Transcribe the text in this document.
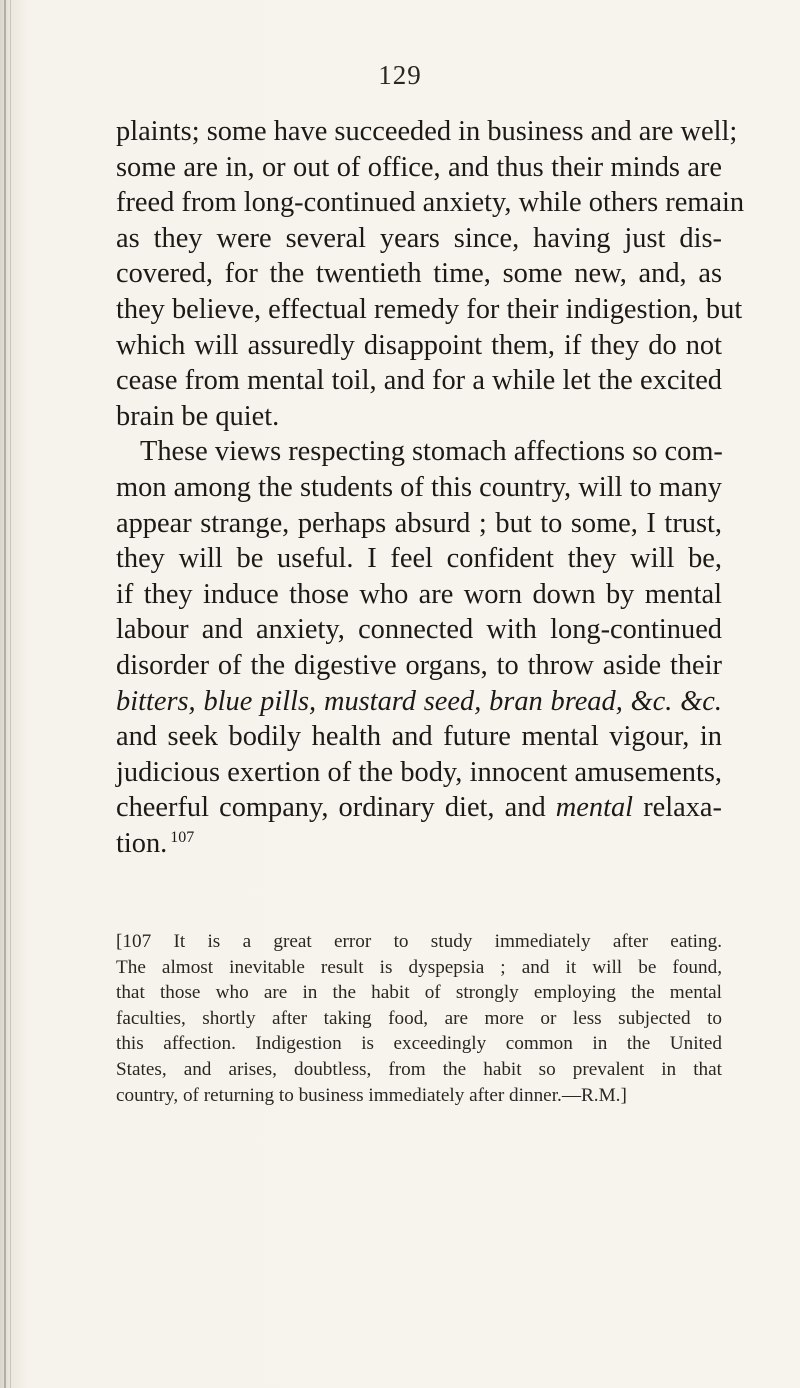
129
plaints; some have succeeded in business and are well;
some are in, or out of office, and thus their minds are
freed from long-continued anxiety, while others remain
as they were several years since, having just dis-
covered, for the twentieth time, some new, and, as
they believe, effectual remedy for their indigestion, but
which will assuredly disappoint them, if they do not
cease from mental toil, and for a while let the excited
brain be quiet.
These views respecting stomach affections so com-
mon among the students of this country, will to many
appear strange, perhaps absurd ; but to some, I trust,
they will be useful. I feel confident they will be,
if they induce those who are worn down by mental
labour and anxiety, connected with long-continued
disorder of the digestive organs, to throw aside their
bitters, blue pills, mustard seed, bran bread, &c. &c.
and seek bodily health and future mental vigour, in
judicious exertion of the body, innocent amusements,
cheerful company, ordinary diet, and mental relaxa-
tion. $^{107}$
[107 It is a great error to study immediately after eating.
The almost inevitable result is dyspepsia ; and it will be found,
that those who are in the habit of strongly employing the mental
faculties, shortly after taking food, are more or less subjected to
this affection. Indigestion is exceedingly common in the United
States, and arises, doubtless, from the habit so prevalent in that
country, of returning to business immediately after dinner.—R.M.]
